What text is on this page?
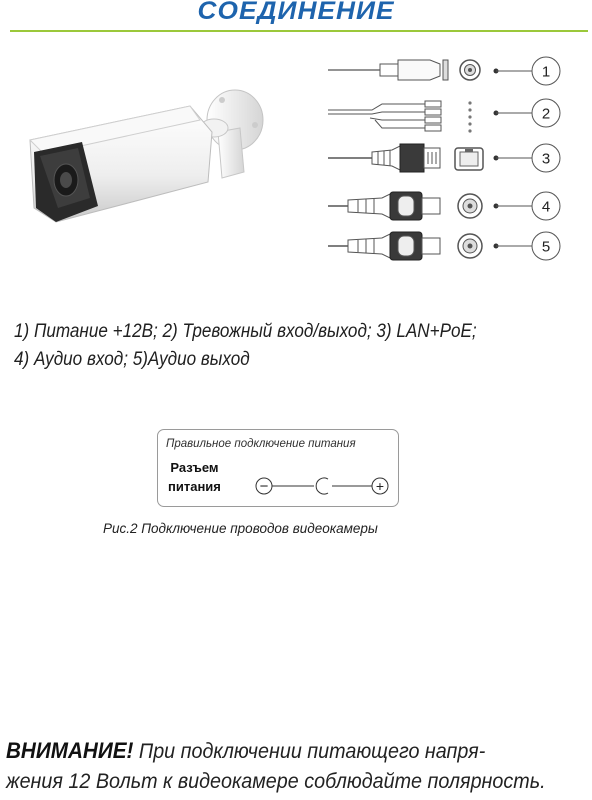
СОЕДИНЕНИЕ
1
2
3
4
5
1) Питание +12В; 2) Тревожный вход/выход; 3) LAN+PoE;
4) Аудио вход; 5)Аудио выход
Правильное подключение питания
Разъем
питания	−	+
Рис.2 Подключение проводов видеокамеры
ВНИМАНИЕ! При подключении питающего напря-
жения 12 Вольт к видеокамере соблюдайте полярность.
